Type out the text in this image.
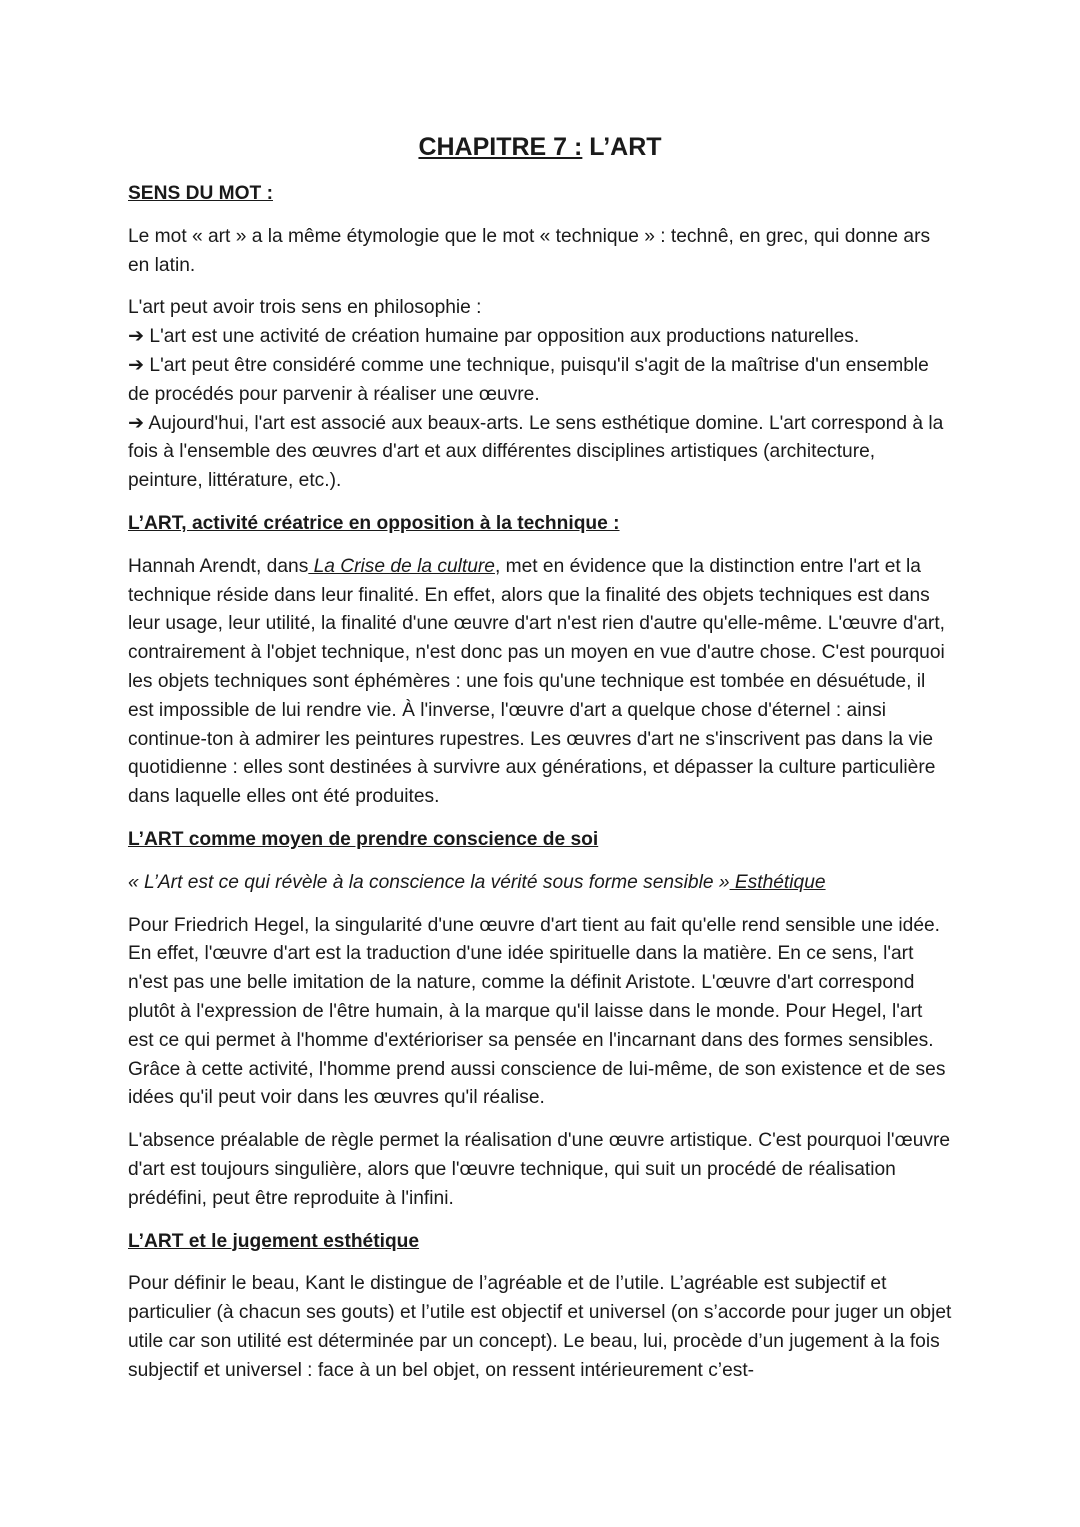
CHAPITRE 7 : L’ART
SENS DU MOT :

Le mot « art » a la même étymologie que le mot « technique » : technê, en grec, qui donne ars en latin.

L'art peut avoir trois sens en philosophie :

➔ L'art est une activité de création humaine par opposition aux productions naturelles.

➔ L'art peut être considéré comme une technique, puisqu'il s'agit de la maîtrise d'un ensemble de procédés pour parvenir à réaliser une œuvre.

➔ Aujourd'hui, l'art est associé aux beaux-arts. Le sens esthétique domine. L'art correspond à la fois à l'ensemble des œuvres d'art et aux différentes disciplines artistiques (architecture, peinture, littérature, etc.).

L’ART, activité créatrice en opposition à la technique :

Hannah Arendt, dans La Crise de la culture, met en évidence que la distinction entre l'art et la technique réside dans leur finalité. En effet, alors que la finalité des objets techniques est dans leur usage, leur utilité, la finalité d'une œuvre d'art n'est rien d'autre qu'elle-même. L'œuvre d'art, contrairement à l'objet technique, n'est donc pas un moyen en vue d'autre chose. C'est pourquoi les objets techniques sont éphémères : une fois qu'une technique est tombée en désuétude, il est impossible de lui rendre vie. À l'inverse, l'œuvre d'art a quelque chose d'éternel : ainsi continue-ton à admirer les peintures rupestres. Les œuvres d'art ne s'inscrivent pas dans la vie quotidienne : elles sont destinées à survivre aux générations, et dépasser la culture particulière dans laquelle elles ont été produites.

L’ART comme moyen de prendre conscience de soi

« L’Art est ce qui révèle à la conscience la vérité sous forme sensible » Esthétique

Pour Friedrich Hegel, la singularité d'une œuvre d'art tient au fait qu'elle rend sensible une idée. En effet, l'œuvre d'art est la traduction d'une idée spirituelle dans la matière. En ce sens, l'art n'est pas une belle imitation de la nature, comme la définit Aristote. L'œuvre d'art correspond plutôt à l'expression de l'être humain, à la marque qu'il laisse dans le monde. Pour Hegel, l'art est ce qui permet à l'homme d'extérioriser sa pensée en l'incarnant dans des formes sensibles. Grâce à cette activité, l'homme prend aussi conscience de lui-même, de son existence et de ses idées qu'il peut voir dans les œuvres qu'il réalise.

L'absence préalable de règle permet la réalisation d'une œuvre artistique. C'est pourquoi l'œuvre d'art est toujours singulière, alors que l'œuvre technique, qui suit un procédé de réalisation prédéfini, peut être reproduite à l'infini.

L’ART et le jugement esthétique

Pour définir le beau, Kant le distingue de l’agréable et de l’utile. L’agréable est subjectif et particulier (à chacun ses gouts) et l’utile est objectif et universel (on s’accorde pour juger un objet utile car son utilité est déterminée par un concept). Le beau, lui, procède d’un jugement à la fois subjectif et universel : face à un bel objet, on ressent intérieurement c’est-
